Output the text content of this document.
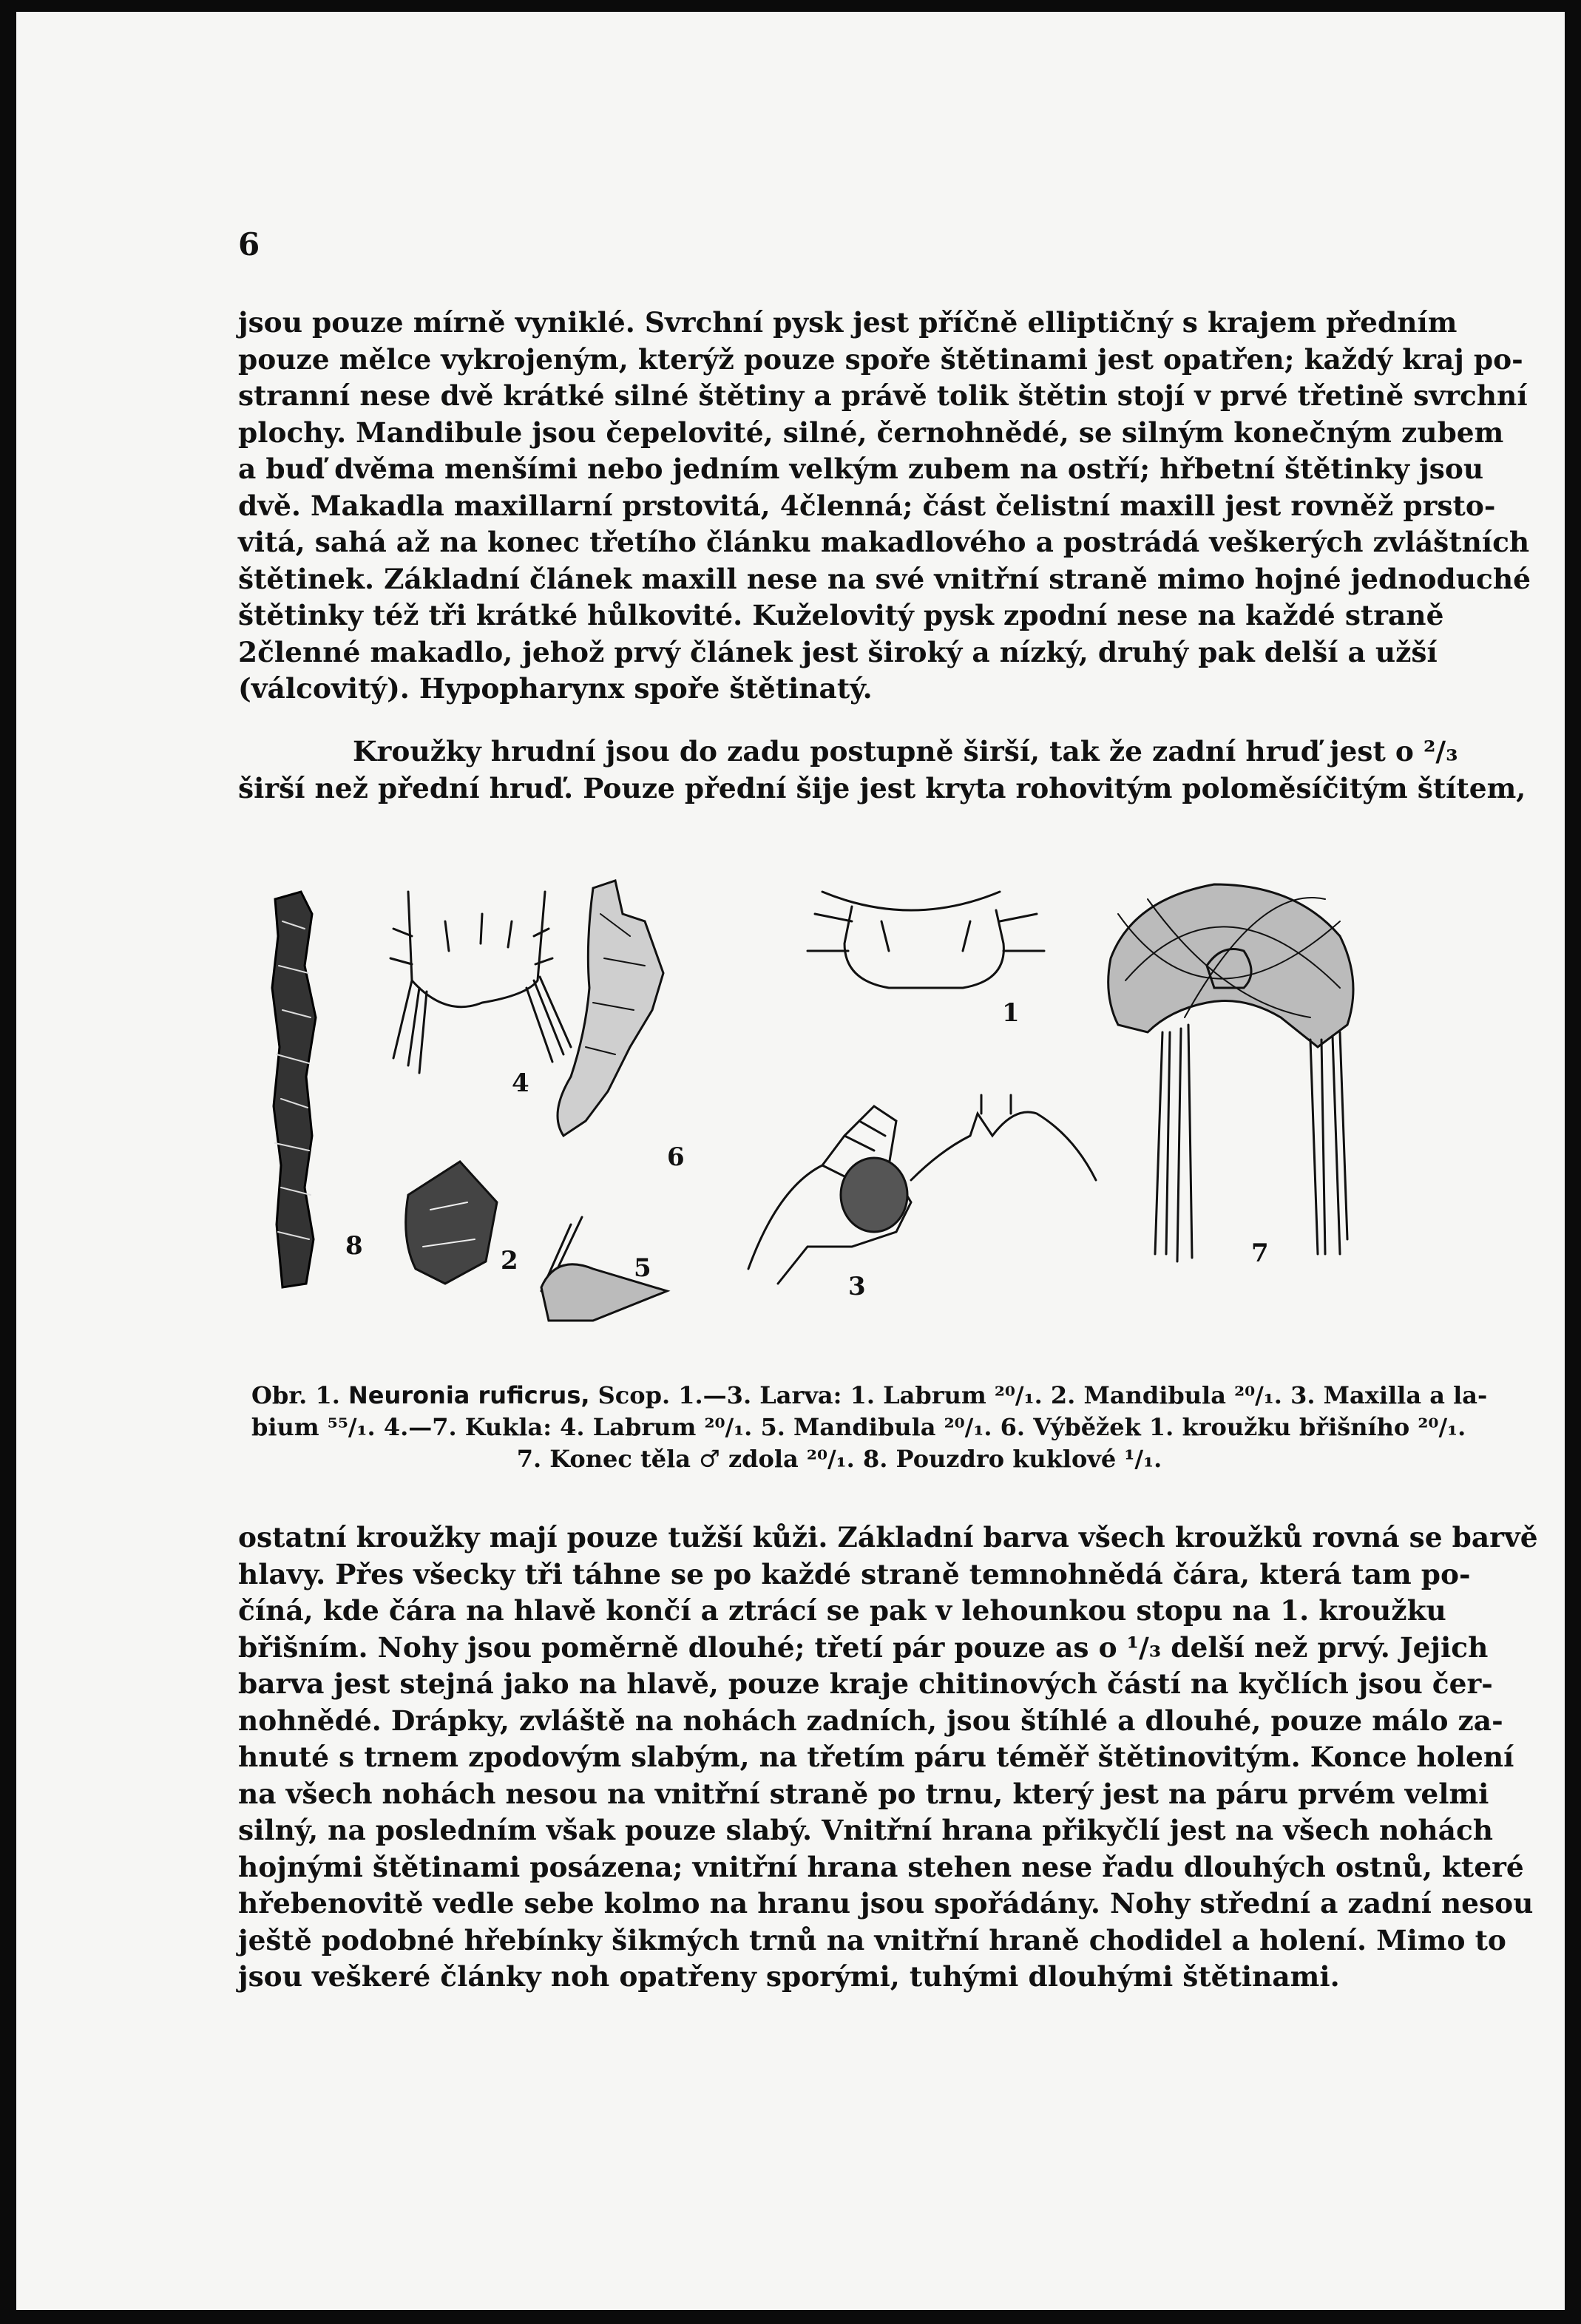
6
jsou pouze mírně vyniklé. Svrchní pysk jest příčně elliptičný s krajem předním
pouze mělce vykrojeným, kterýž pouze spoře štětinami jest opatřen; každý kraj po-
stranní nese dvě krátké silné štětiny a právě tolik štětin stojí v prvé třetině svrchní
plochy. Mandibule jsou čepelovité, silné, černohnědé, se silným konečným zubem
a buď dvěma menšími nebo jedním velkým zubem na ostří; hřbetní štětinky jsou
dvě. Makadla maxillarní prstovitá, 4členná; část čelistní maxill jest rovněž prsto-
vitá, sahá až na konec třetího článku makadlového a postrádá veškerých zvláštních
štětinek. Základní článek maxill nese na své vnitřní straně mimo hojné jednoduché
štětinky též tři krátké hůlkovité. Kuželovitý pysk zpodní nese na každé straně
2členné makadlo, jehož prvý článek jest široký a nízký, druhý pak delší a užší
(válcovitý). Hypopharynx spoře štětinatý.
Kroužky hrudní jsou do zadu postupně širší, tak že zadní hruď jest o ²/₃
širší než přední hruď. Pouze přední šije jest kryta rohovitým poloměsíčitým štítem,
1
2
3
4
5
6
7
8
Obr. 1. Neuronia ruficrus, Scop. 1.—3. Larva: 1. Labrum ²⁰/₁. 2. Mandibula ²⁰/₁. 3. Maxilla a la-
bium ⁵⁵/₁. 4.—7. Kukla: 4. Labrum ²⁰/₁. 5. Mandibula ²⁰/₁. 6. Výběžek 1. kroužku břišního ²⁰/₁.
7. Konec těla ♂ zdola ²⁰/₁. 8. Pouzdro kuklové ¹/₁.
ostatní kroužky mají pouze tužší kůži. Základní barva všech kroužků rovná se barvě
hlavy. Přes všecky tři táhne se po každé straně temnohnědá čára, která tam po-
číná, kde čára na hlavě končí a ztrácí se pak v lehounkou stopu na 1. kroužku
břišním. Nohy jsou poměrně dlouhé; třetí pár pouze as o ¹/₃ delší než prvý. Jejich
barva jest stejná jako na hlavě, pouze kraje chitinových částí na kyčlích jsou čer-
nohnědé. Drápky, zvláště na nohách zadních, jsou štíhlé a dlouhé, pouze málo za-
hnuté s trnem zpodovým slabým, na třetím páru téměř štětinovitým. Konce holení
na všech nohách nesou na vnitřní straně po trnu, který jest na páru prvém velmi
silný, na posledním však pouze slabý. Vnitřní hrana přikyčlí jest na všech nohách
hojnými štětinami posázena; vnitřní hrana stehen nese řadu dlouhých ostnů, které
hřebenovitě vedle sebe kolmo na hranu jsou spořádány. Nohy střední a zadní nesou
ještě podobné hřebínky šikmých trnů na vnitřní hraně chodidel a holení. Mimo to
jsou veškeré články noh opatřeny sporými, tuhými dlouhými štětinami.
